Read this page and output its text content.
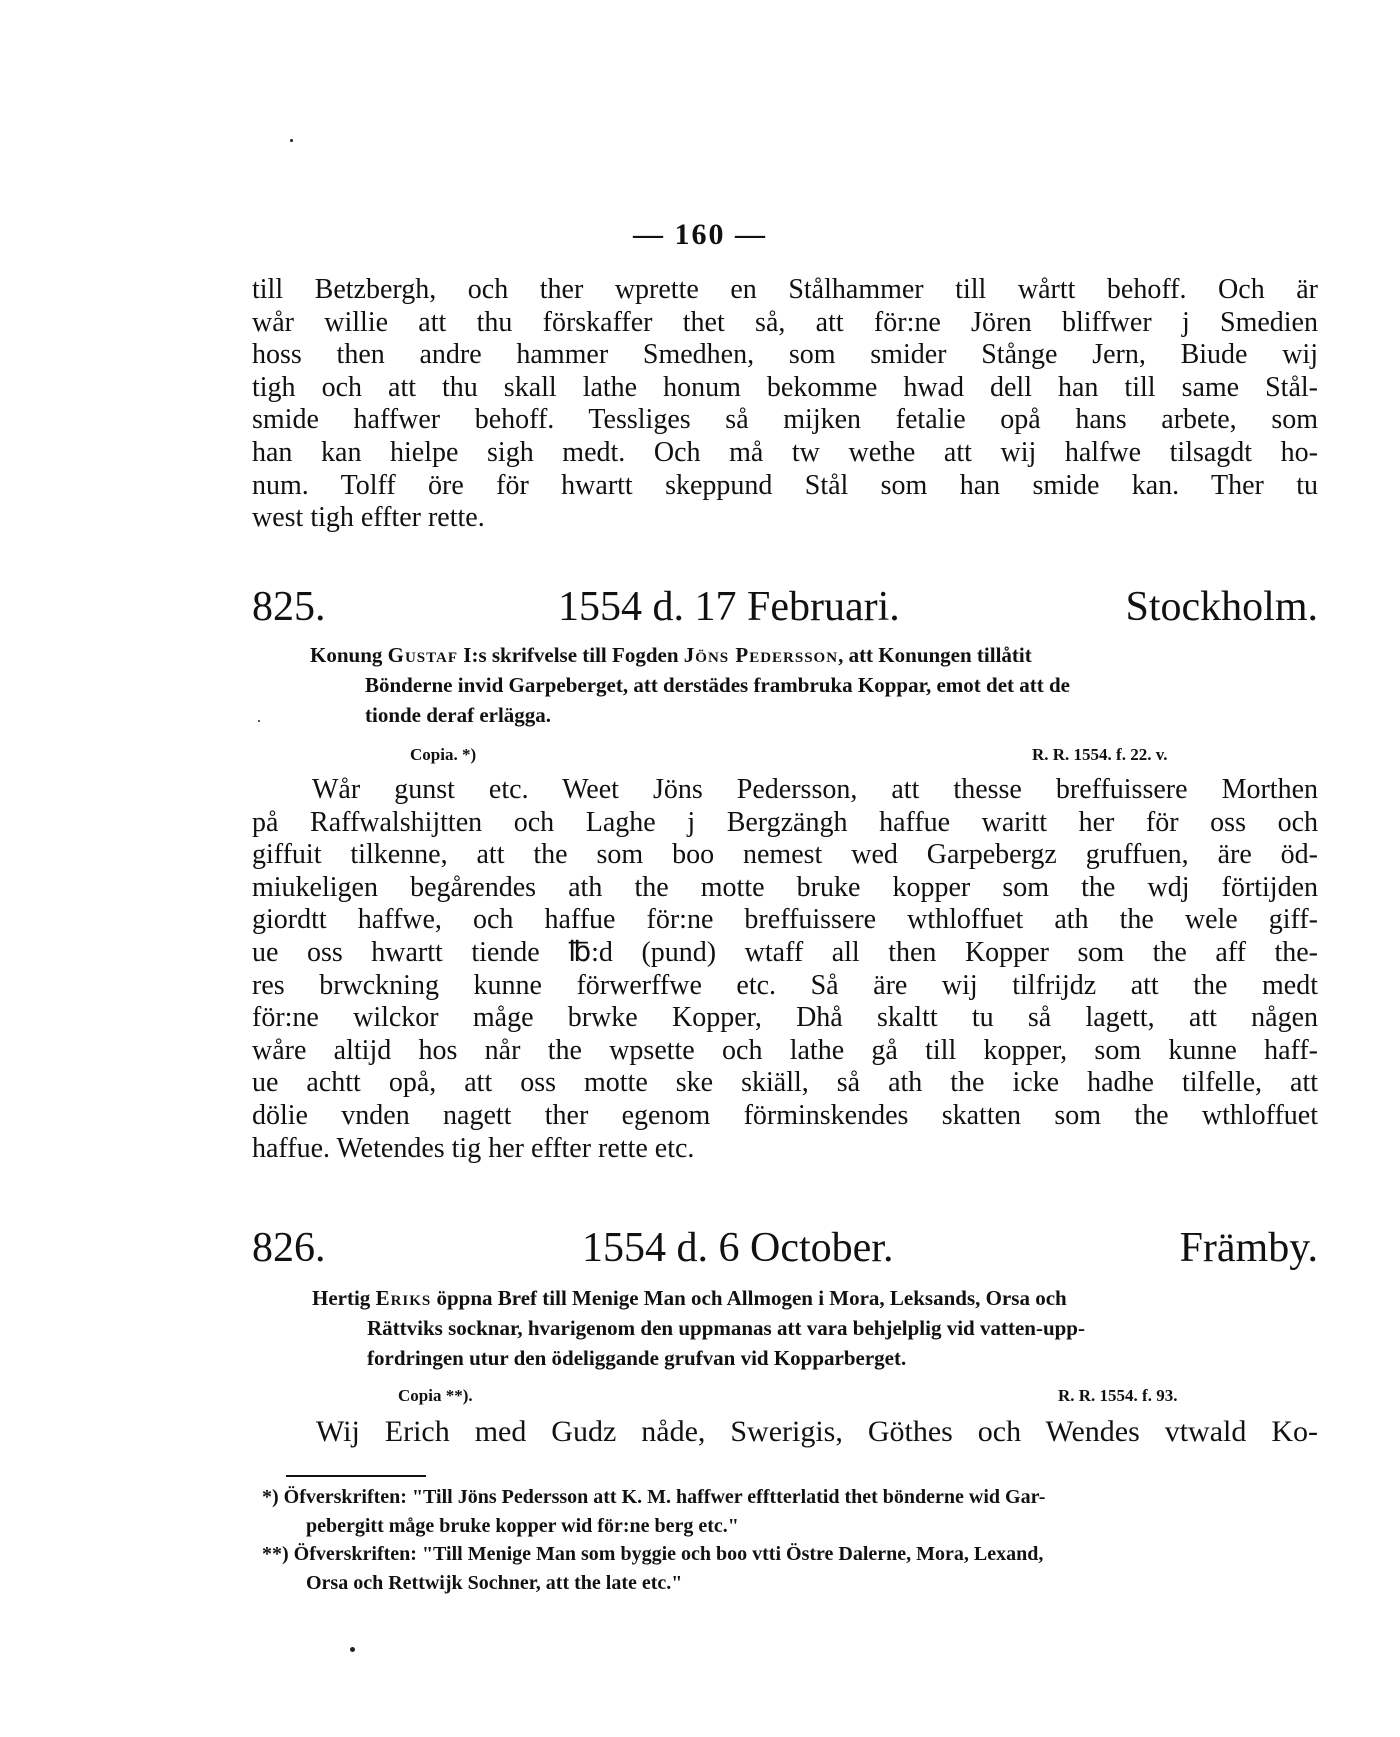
— 160 —
till Betzbergh, och ther wprette en Stålhammer till wårtt behoff. Och är
wår willie att thu förskaffer thet så, att för:ne Jören bliffwer j Smedien
hoss then andre hammer Smedhen, som smider Stånge Jern, Biude wij
tigh och att thu skall lathe honum bekomme hwad dell han till same Stål-
smide haffwer behoff. Tessliges så mijken fetalie opå hans arbete, som
han kan hielpe sigh medt. Och må tw wethe att wij halfwe tilsagdt ho-
num. Tolff öre för hwartt skeppund Stål som han smide kan. Ther tu
west tigh effter rette.
825.	1554 d. 17 Februari.	Stockholm.
Konung Gustaf I:s skrifvelse till Fogden Jöns Pedersson, att Konungen tillåtit
Bönderne invid Garpeberget, att derstädes frambruka Koppar, emot det att de
tionde deraf erlägga.
Copia. *)	R. R. 1554. f. 22. v.
Wår gunst etc. Weet Jöns Pedersson, att thesse breffuissere Morthen
på Raffwalshijtten och Laghe j Bergzängh haffue waritt her för oss och
giffuit tilkenne, att the som boo nemest wed Garpebergz gruffuen, äre öd-
miukeligen begårendes ath the motte bruke kopper som the wdj förtijden
giordtt haffwe, och haffue för:ne breffuissere wthloffuet ath the wele giff-
ue oss hwartt tiende ℔:d (pund) wtaff all then Kopper som the aff the-
res brwckning kunne förwerffwe etc. Så äre wij tilfrijdz att the medt
för:ne wilckor måge brwke Kopper, Dhå skaltt tu så lagett, att någen
wåre altijd hos når the wpsette och lathe gå till kopper, som kunne haff-
ue achtt opå, att oss motte ske skiäll, så ath the icke hadhe tilfelle, att
dölie vnden nagett ther egenom förminskendes skatten som the wthloffuet
haffue. Wetendes tig her effter rette etc.
826.	1554 d. 6 October.	Främby.
Hertig Eriks öppna Bref till Menige Man och Allmogen i Mora, Leksands, Orsa och
Rättviks socknar, hvarigenom den uppmanas att vara behjelplig vid vatten-upp-
fordringen utur den ödeliggande grufvan vid Kopparberget.
Copia **).	R. R. 1554. f. 93.
Wij Erich med Gudz nåde, Swerigis, Göthes och Wendes vtwald Ko-
*) Öfverskriften: "Till Jöns Pedersson att K. M. haffwer efftterlatid thet bönderne wid Gar-
pebergitt måge bruke kopper wid för:ne berg etc."
**) Öfverskriften: "Till Menige Man som byggie och boo vtti Östre Dalerne, Mora, Lexand,
Orsa och Rettwijk Sochner, att the late etc."
